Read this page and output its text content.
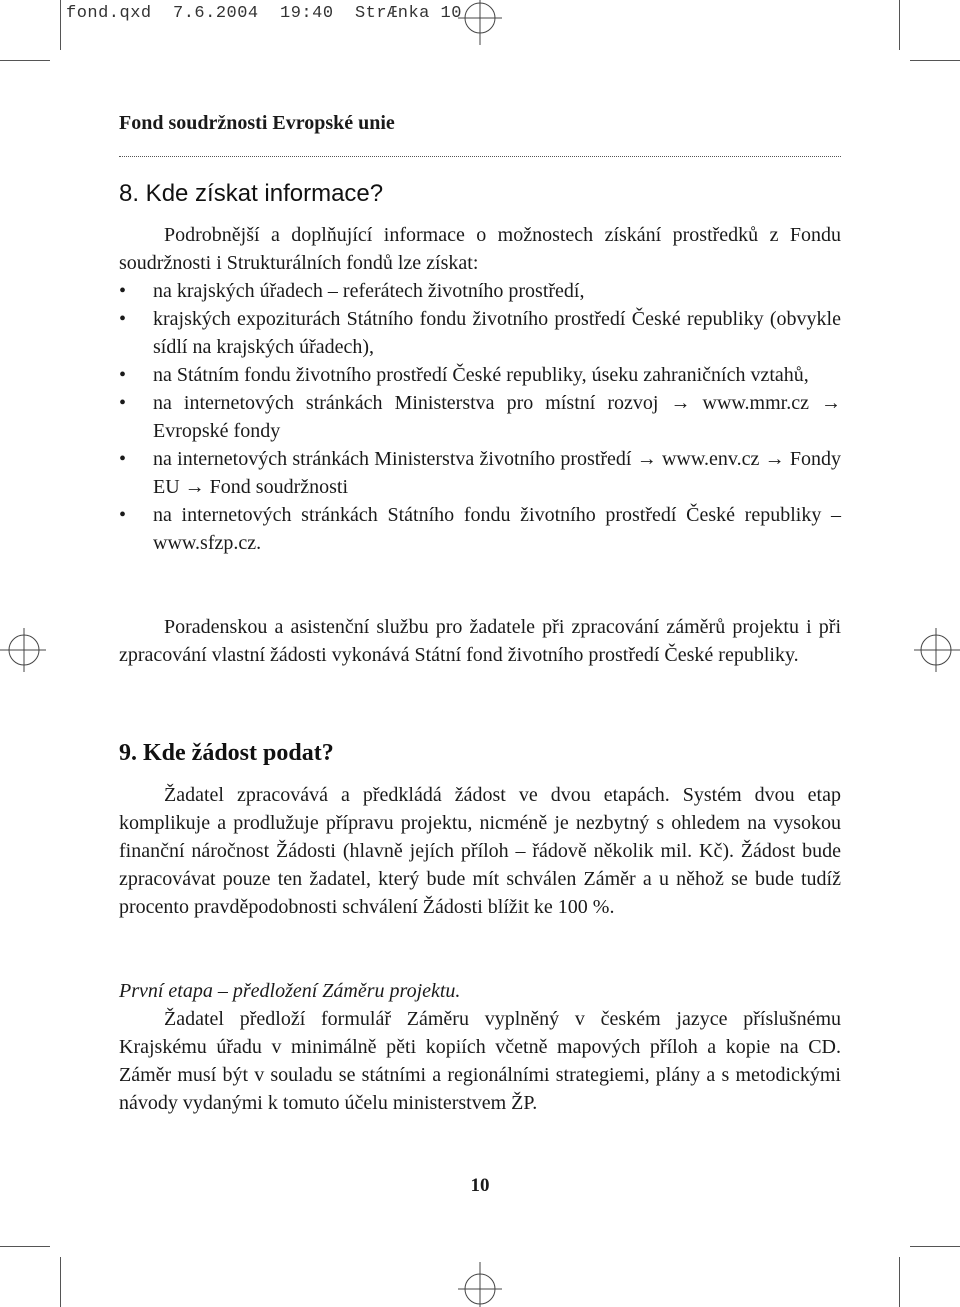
fond.qxd  7.6.2004  19:40  StrÆnka 10
Fond soudržnosti Evropské unie
8. Kde získat informace?

Podrobnější a doplňující informace o možnostech získání prostředků z Fondu soudržnosti i Strukturálních fondů lze získat:

• na krajských úřadech – referátech životního prostředí,
• krajských expoziturách Státního fondu životního prostředí České republiky (obvykle sídlí na krajských úřadech),
• na Státním fondu životního prostředí České republiky, úseku zahraničních vztahů,
• na internetových stránkách Ministerstva pro místní rozvoj → www.mmr.cz → Evropské fondy
• na internetových stránkách Ministerstva životního prostředí → www.env.cz → Fondy EU → Fond soudržnosti
• na internetových stránkách Státního fondu životního prostředí České republiky – www.sfzp.cz.

Poradenskou a asistenční službu pro žadatele při zpracování záměrů projektu i při zpracování vlastní žádosti vykonává Státní fond životního prostředí České republiky.

9. Kde žádost podat?

Žadatel zpracovává a předkládá žádost ve dvou etapách. Systém dvou etap komplikuje a prodlužuje přípravu projektu, nicméně je nezbytný s ohledem na vysokou finanční náročnost Žádosti (hlavně jejích příloh – řádově několik mil. Kč). Žádost bude zpracovávat pouze ten žadatel, který bude mít schválen Záměr a u něhož se bude tudíž procento pravděpodobnosti schválení Žádosti blížit ke 100 %.

První etapa – předložení Záměru projektu.

Žadatel předloží formulář Záměru vyplněný v českém jazyce příslušnému Krajskému úřadu v minimálně pěti kopiích včetně mapových příloh a kopie na CD. Záměr musí být v souladu se státními a regionálními strategiemi, plány a s metodickými návody vydanými k tomuto účelu ministerstvem ŽP.

10
